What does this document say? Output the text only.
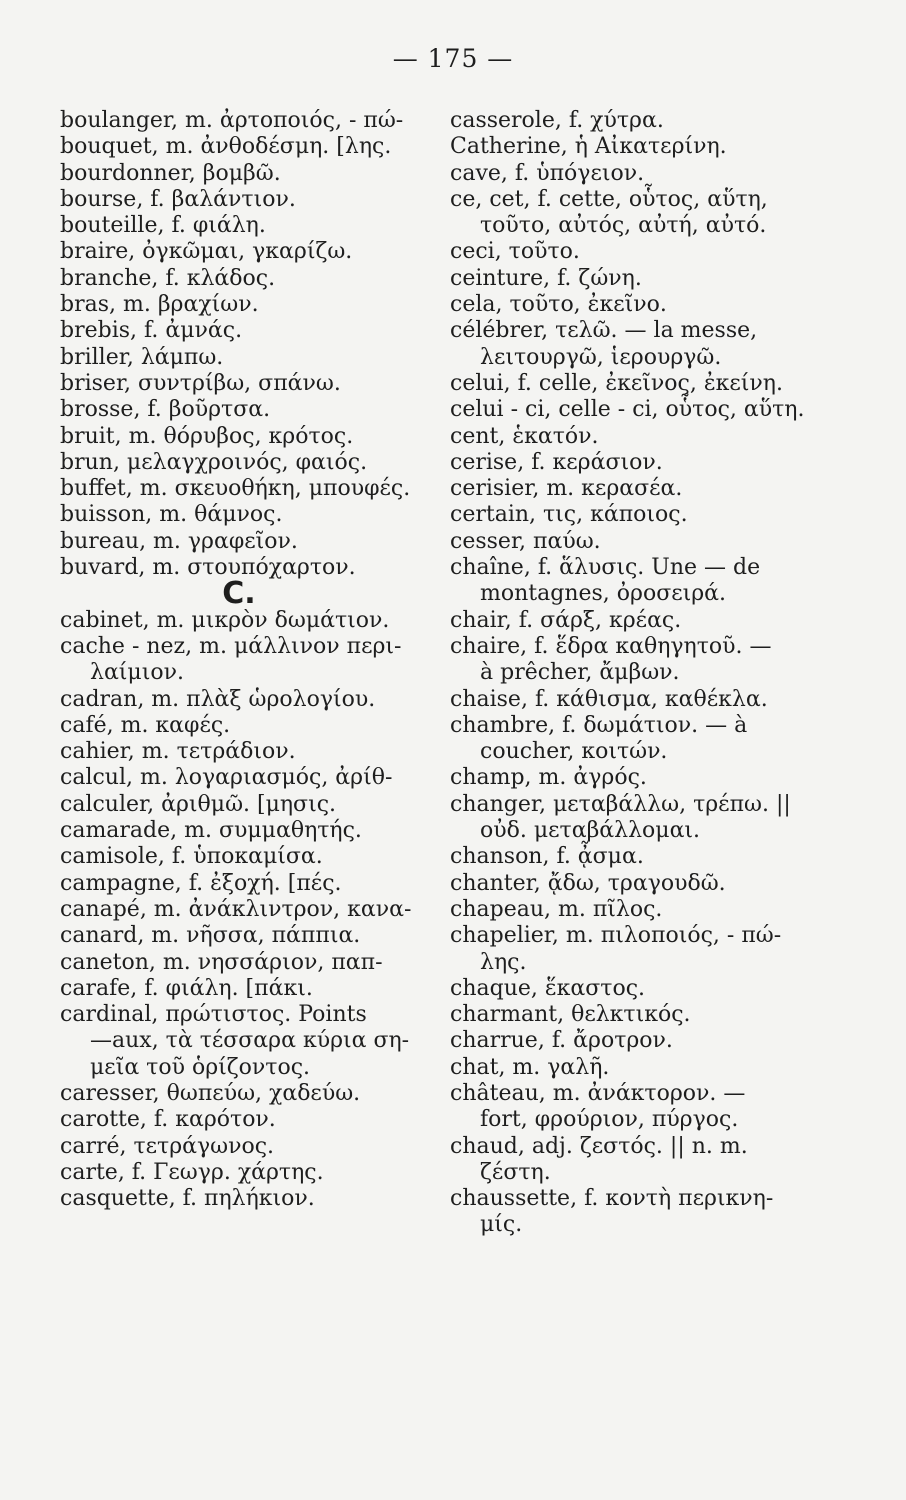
— 175 —
boulanger, m. ἀρτοποιός, - πώ-
bouquet, m. ἀνθοδέσμη. [λης.
bourdonner, βομβῶ.
bourse, f. βαλάντιον.
bouteille, f. φιάλη.
braire, ὀγκῶμαι, γκαρίζω.
branche, f. κλάδος.
bras, m. βραχίων.
brebis, f. ἀμνάς.
briller, λάμπω.
briser, συντρίβω, σπάνω.
brosse, f. βοῦρτσα.
bruit, m. θόρυβος, κρότος.
brun, μελαγχροινός, φαιός.
buffet, m. σκευοθήκη, μπουφές.
buisson, m. θάμνος.
bureau, m. γραφεῖον.
buvard, m. στουπόχαρτον.
C.
cabinet, m. μικρὸν δωμάτιον.
cache - nez, m. μάλλινον περι-
λαίμιον.
cadran, m. πλὰξ ὡρολογίου.
café, m. καφές.
cahier, m. τετράδιον.
calcul, m. λογαριασμός, ἀρίθ-
calculer, ἀριθμῶ. [μησις.
camarade, m. συμμαθητής.
camisole, f. ὑποκαμίσα.
campagne, f. ἐξοχή. [πές.
canapé, m. ἀνάκλιντρον, κανα-
canard, m. νῆσσα, πάππια.
caneton, m. νησσάριον, παπ-
carafe, f. φιάλη. [πάκι.
cardinal, πρώτιστος. Points
—aux, τὰ τέσσαρα κύρια ση-
μεῖα τοῦ ὁρίζοντος.
caresser, θωπεύω, χαδεύω.
carotte, f. καρότον.
carré, τετράγωνος.
carte, f. Γεωγρ. χάρτης.
casquette, f. πηλήκιον.
casserole, f. χύτρα.
Catherine, ἡ Αἰκατερίνη.
cave, f. ὑπόγειον.
ce, cet, f. cette, οὗτος, αὕτη,
τοῦτο, αὐτός, αὐτή, αὐτό.
ceci, τοῦτο.
ceinture, f. ζώνη.
cela, τοῦτο, ἐκεῖνο.
célébrer, τελῶ. — la messe,
λειτουργῶ, ἱερουργῶ.
celui, f. celle, ἐκεῖνος, ἐκείνη.
celui - ci, celle - ci, οὗτος, αὕτη.
cent, ἑκατόν.
cerise, f. κεράσιον.
cerisier, m. κερασέα.
certain, τις, κάποιος.
cesser, παύω.
chaîne, f. ἅλυσις. Une — de
montagnes, ὀροσειρά.
chair, f. σάρξ, κρέας.
chaire, f. ἕδρα καθηγητοῦ. —
à prêcher, ἄμβων.
chaise, f. κάθισμα, καθέκλα.
chambre, f. δωμάτιον. — à
coucher, κοιτών.
champ, m. ἀγρός.
changer, μεταβάλλω, τρέπω. ||
οὐδ. μεταβάλλομαι.
chanson, f. ᾆσμα.
chanter, ᾄδω, τραγουδῶ.
chapeau, m. πῖλος.
chapelier, m. πιλοποιός, - πώ-
λης.
chaque, ἕκαστος.
charmant, θελκτικός.
charrue, f. ἄροτρον.
chat, m. γαλῆ.
château, m. ἀνάκτορον. —
fort, φρούριον, πύργος.
chaud, adj. ζεστός. || n. m.
ζέστη.
chaussette, f. κοντὴ περικνη-
μίς.
